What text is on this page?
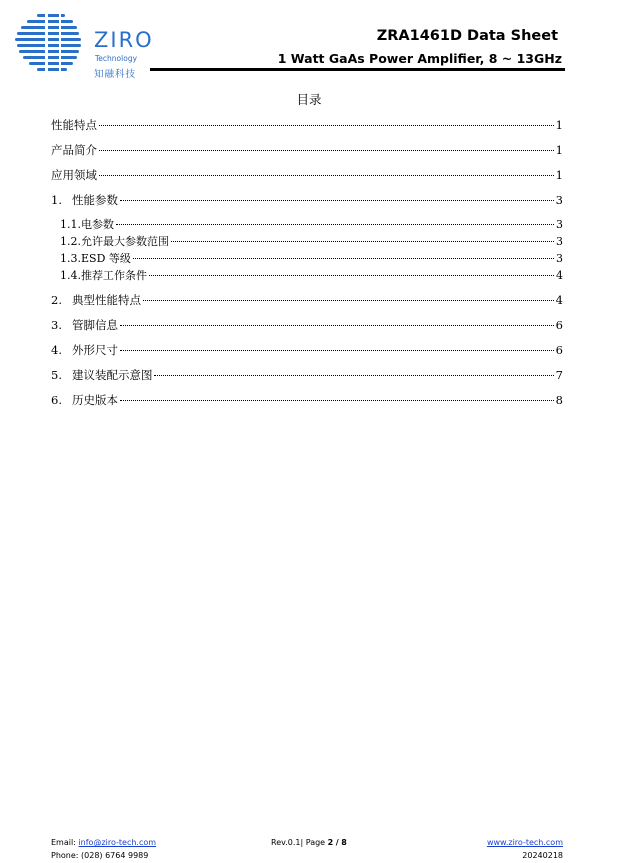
ZIRO
Technology
知融科技
ZRA1461D Data Sheet
1 Watt GaAs Power Amplifier, 8 ~ 13GHz
目录
性能特点	1
产品简介	1
应用领域	1
1. 性能参数	3
1.1. 电参数	3
1.2. 允许最大参数范围	3
1.3. ESD 等级	3
1.4. 推荐工作条件	4
2. 典型性能特点	4
3. 管脚信息	6
4. 外形尺寸	6
5. 建议装配示意图	7
6. 历史版本	8
Email: info@ziro-tech.com
Phone: (028) 6764 9989
Rev.0.1| Page 2 / 8	www.ziro-tech.com
20240218
